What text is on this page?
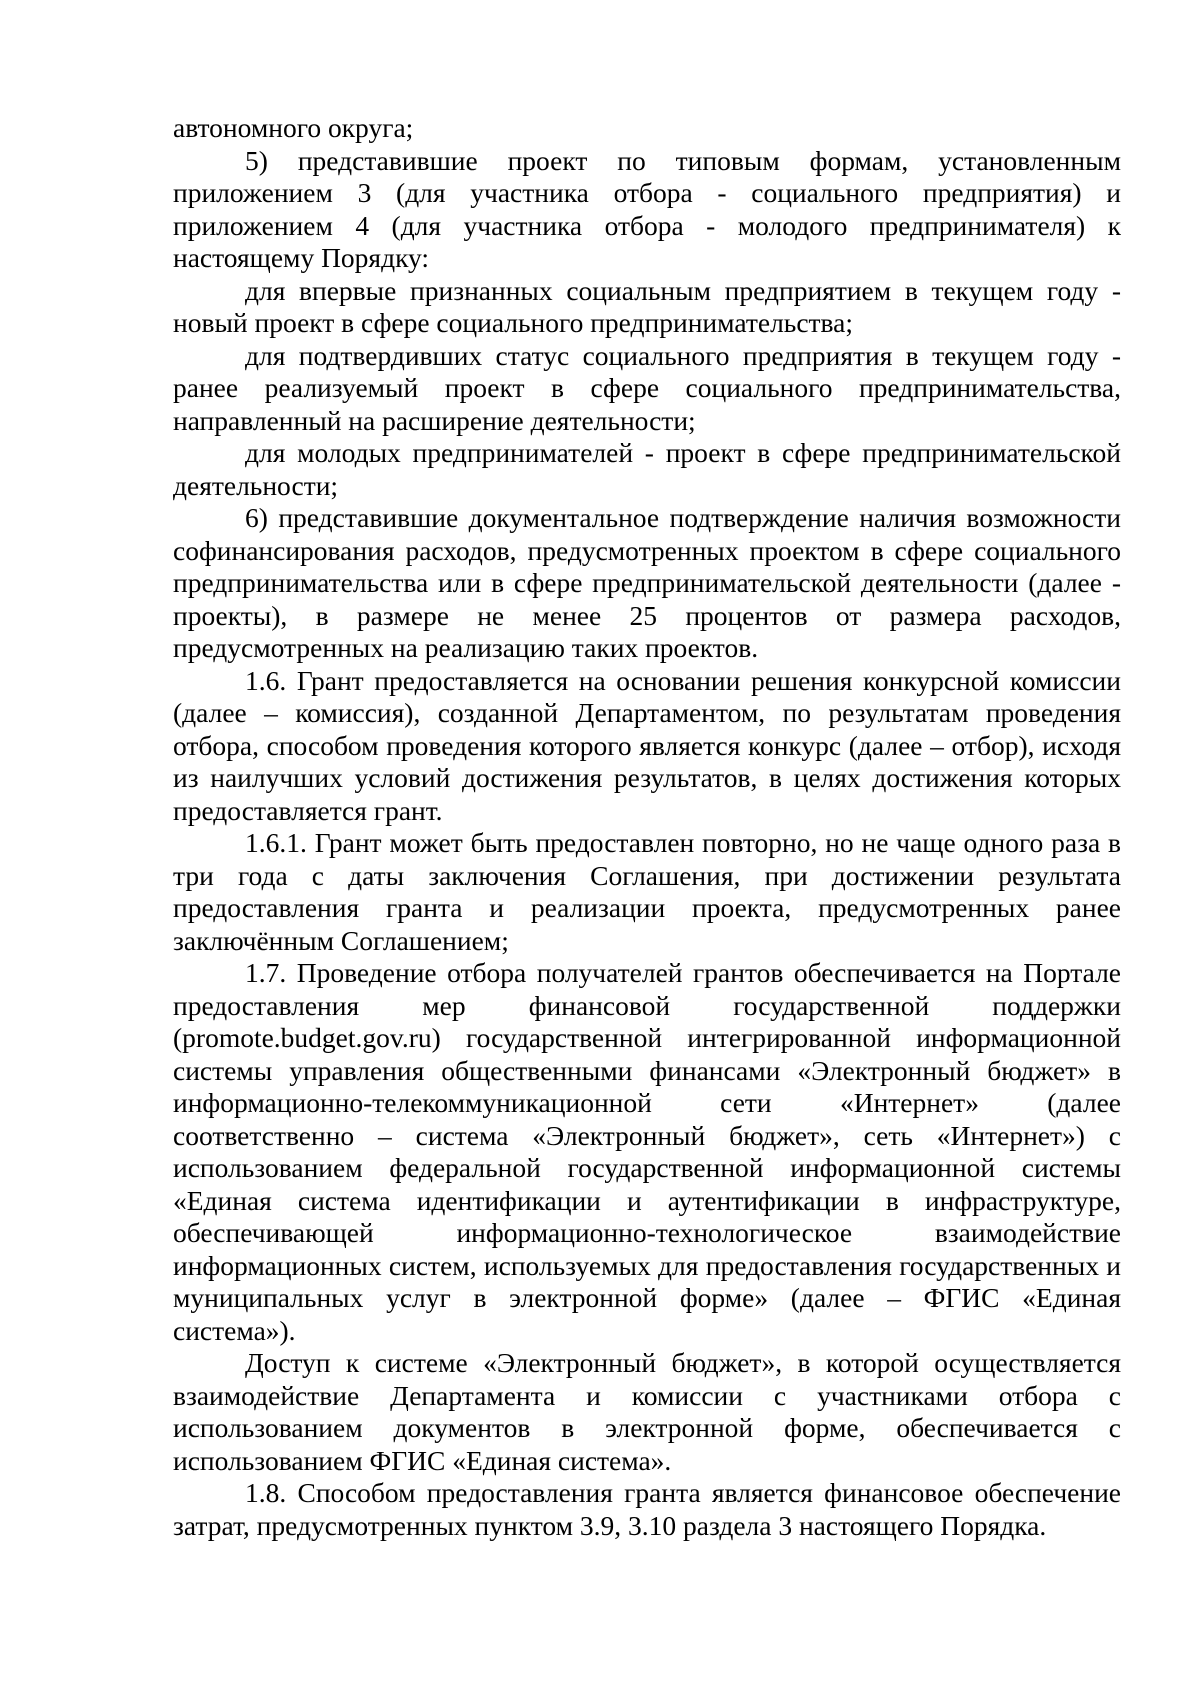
автономного округа;

5) представившие проект по типовым формам, установленным приложением 3 (для участника отбора - социального предприятия) и приложением 4 (для участника отбора - молодого предпринимателя) к настоящему Порядку:

для впервые признанных социальным предприятием в текущем году - новый проект в сфере социального предпринимательства;

для подтвердивших статус социального предприятия в текущем году - ранее реализуемый проект в сфере социального предпринимательства, направленный на расширение деятельности;

для молодых предпринимателей - проект в сфере предпринимательской деятельности;

6) представившие документальное подтверждение наличия возможности софинансирования расходов, предусмотренных проектом в сфере социального предпринимательства или в сфере предпринимательской деятельности (далее - проекты), в размере не менее 25 процентов от размера расходов, предусмотренных на реализацию таких проектов.

1.6. Грант предоставляется на основании решения конкурсной комиссии (далее – комиссия), созданной Департаментом, по результатам проведения отбора, способом проведения которого является конкурс (далее – отбор), исходя из наилучших условий достижения результатов, в целях достижения которых предоставляется грант.

1.6.1. Грант может быть предоставлен повторно, но не чаще одного раза в три года с даты заключения Соглашения, при достижении результата предоставления гранта и реализации проекта, предусмотренных ранее заключённым Соглашением;

1.7. Проведение отбора получателей грантов обеспечивается на Портале предоставления мер финансовой государственной поддержки (promote.budget.gov.ru) государственной интегрированной информационной системы управления общественными финансами «Электронный бюджет» в информационно-телекоммуникационной сети «Интернет» (далее соответственно – система «Электронный бюджет», сеть «Интернет») с использованием федеральной государственной информационной системы «Единая система идентификации и аутентификации в инфраструктуре, обеспечивающей информационно-технологическое взаимодействие информационных систем, используемых для предоставления государственных и муниципальных услуг в электронной форме» (далее – ФГИС «Единая система»).

Доступ к системе «Электронный бюджет», в которой осуществляется взаимодействие Департамента и комиссии с участниками отбора с использованием документов в электронной форме, обеспечивается с использованием ФГИС «Единая система».

1.8. Способом предоставления гранта является финансовое обеспечение затрат, предусмотренных пунктом 3.9, 3.10 раздела 3 настоящего Порядка.
